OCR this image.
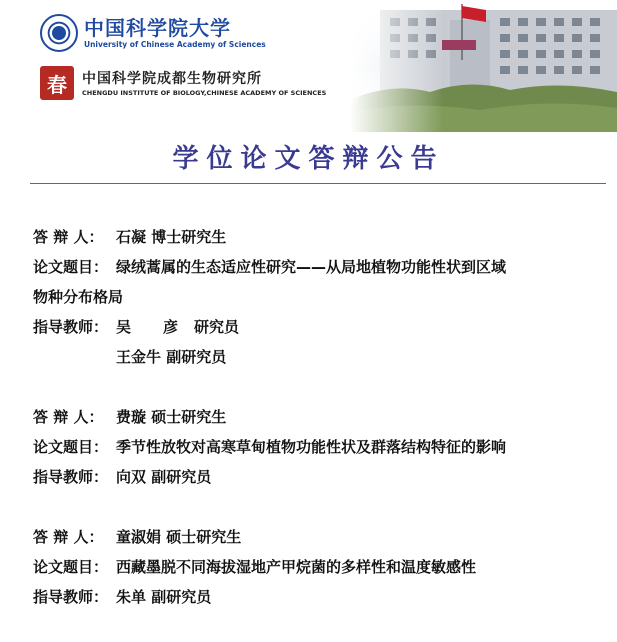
中国科学院大学
University of Chinese Academy of Sciences
春	中国科学院成都生物研究所
CHENGDU INSTITUTE OF BIOLOGY,CHINESE ACADEMY OF SCIENCES
学位论文答辩公告
答 辩 人： 石凝 博士研究生
论文题目： 绿绒蒿属的生态适应性研究——从局地植物功能性状到区域
物种分布格局
指导教师： 吴 彦 研究员
王金牛 副研究员
答 辩 人： 费璇 硕士研究生
论文题目： 季节性放牧对高寒草甸植物功能性状及群落结构特征的影响
指导教师： 向双 副研究员
答 辩 人： 童淑娟 硕士研究生
论文题目： 西藏墨脱不同海拔湿地产甲烷菌的多样性和温度敏感性
指导教师： 朱单 副研究员
